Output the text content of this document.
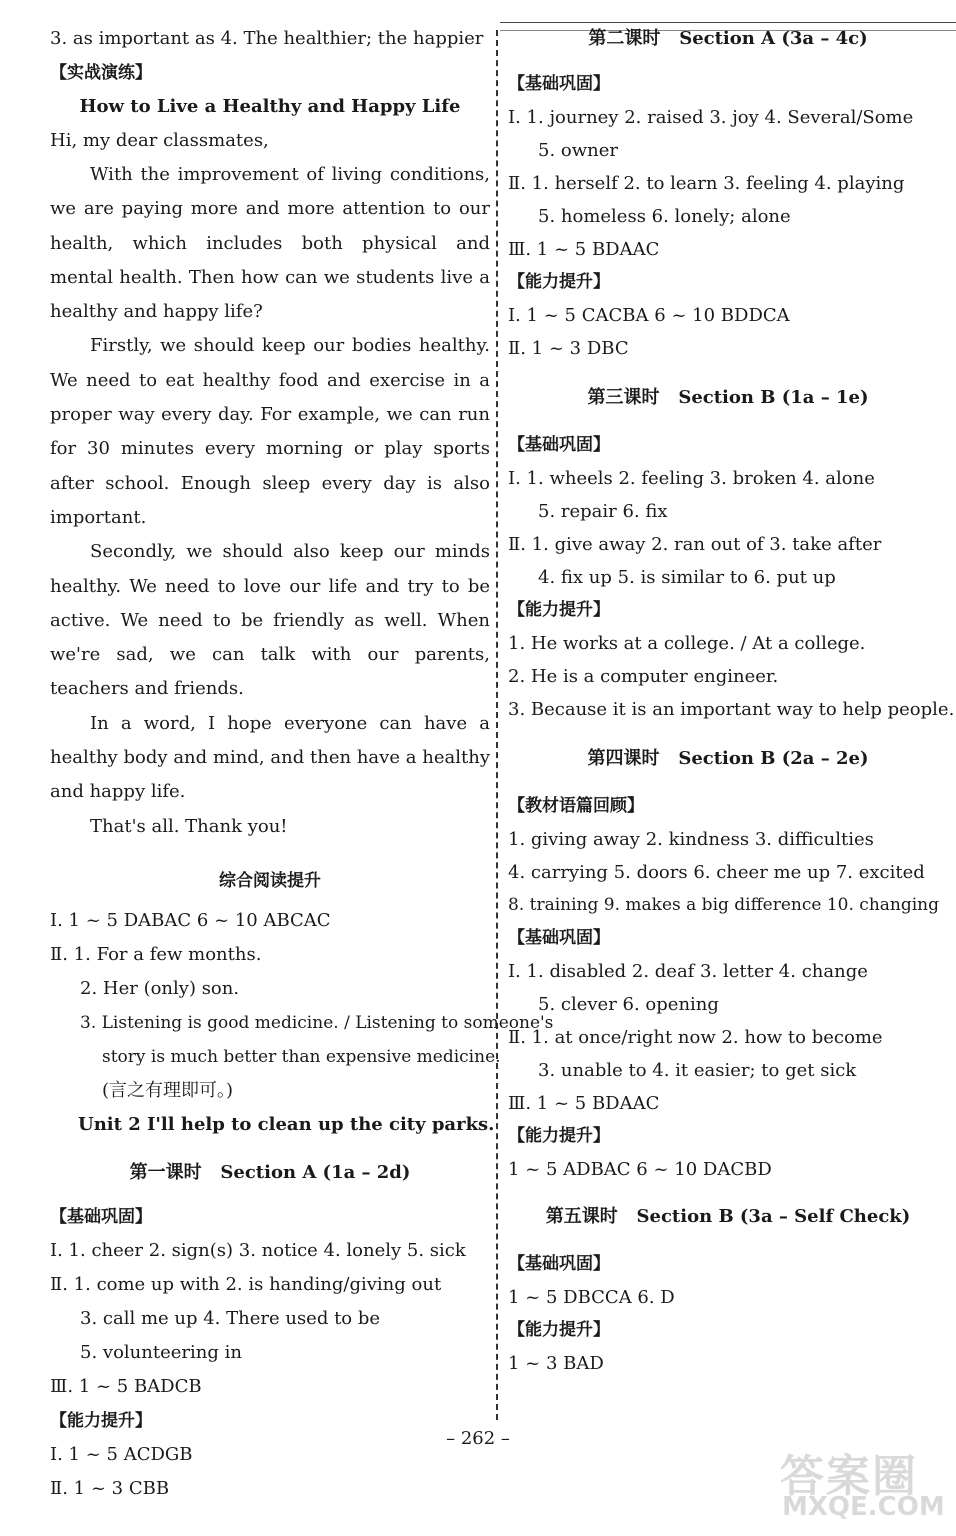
3. as important as 4. The healthier; the happier
【实战演练】
How to Live a Healthy and Happy Life
Hi, my dear classmates,
With the improvement of living conditions, we are paying more and more attention to our health, which includes both physical and mental health. Then how can we students live a healthy and happy life?
Firstly, we should keep our bodies healthy. We need to eat healthy food and exercise in a proper way every day. For example, we can run for 30 minutes every morning or play sports after school. Enough sleep every day is also important.
Secondly, we should also keep our minds healthy. We need to love our life and try to be active. We need to be friendly as well. When we're sad, we can talk with our parents, teachers and friends.
In a word, I hope everyone can have a healthy body and mind, and then have a healthy and happy life.
That's all. Thank you!
综合阅读提升
Ⅰ. 1 ~ 5 DABAC 6 ~ 10 ABCAC
Ⅱ. 1. For a few months.
2. Her (only) son.
3. Listening is good medicine. / Listening to someone's
story is much better than expensive medicine.
(言之有理即可。)
Unit 2 I'll help to clean up the city parks.
第一课时 Section A (1a – 2d)
【基础巩固】
Ⅰ. 1. cheer 2. sign(s) 3. notice 4. lonely 5. sick
Ⅱ. 1. come up with 2. is handing/giving out
3. call me up 4. There used to be
5. volunteering in
Ⅲ. 1 ~ 5 BADCB
【能力提升】
Ⅰ. 1 ~ 5 ACDGB
Ⅱ. 1 ~ 3 CBB
第二课时 Section A (3a – 4c)
【基础巩固】
Ⅰ. 1. journey 2. raised 3. joy 4. Several/Some
5. owner
Ⅱ. 1. herself 2. to learn 3. feeling 4. playing
5. homeless 6. lonely; alone
Ⅲ. 1 ~ 5 BDAAC
【能力提升】
Ⅰ. 1 ~ 5 CACBA 6 ~ 10 BDDCA
Ⅱ. 1 ~ 3 DBC
第三课时 Section B (1a – 1e)
【基础巩固】
Ⅰ. 1. wheels 2. feeling 3. broken 4. alone
5. repair 6. fix
Ⅱ. 1. give away 2. ran out of 3. take after
4. fix up 5. is similar to 6. put up
【能力提升】
1. He works at a college. / At a college.
2. He is a computer engineer.
3. Because it is an important way to help people.
第四课时 Section B (2a – 2e)
【教材语篇回顾】
1. giving away 2. kindness 3. difficulties
4. carrying 5. doors 6. cheer me up 7. excited
8. training 9. makes a big difference 10. changing
【基础巩固】
Ⅰ. 1. disabled 2. deaf 3. letter 4. change
5. clever 6. opening
Ⅱ. 1. at once/right now 2. how to become
3. unable to 4. it easier; to get sick
Ⅲ. 1 ~ 5 BDAAC
【能力提升】
1 ~ 5 ADBAC 6 ~ 10 DACBD
第五课时 Section B (3a – Self Check)
【基础巩固】
1 ~ 5 DBCCA 6. D
【能力提升】
1 ~ 3 BAD
– 262 –
答案圈
MXQE.COM
